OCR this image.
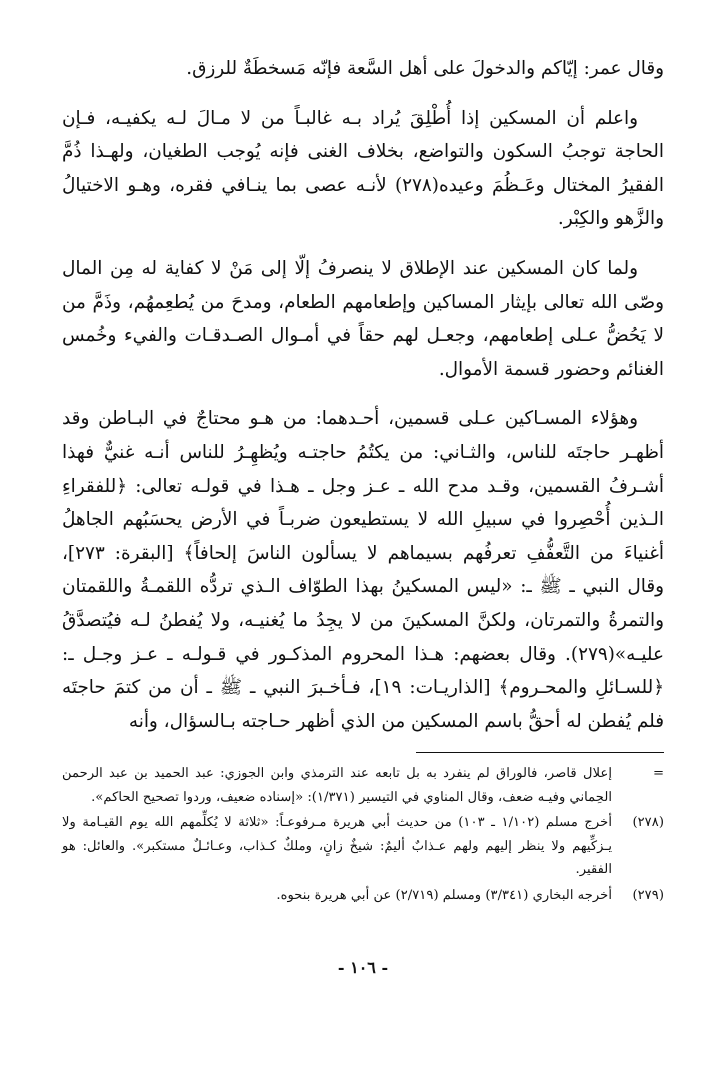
وقال عمر: إيّاكم والدخولَ على أهل السَّعة فإنّه مَسخطَةٌ للرزق.

واعلم أن المسكين إذا أُطْلِقَ يُراد بـه غالبـاً من لا مـالَ لـه يكفيـه، فـإن الحاجة توجبُ السكون والتواضع، بخلاف الغنى فإنه يُوجب الطغيان، ولهـذا ذُمَّ الفقيرُ المختال وعَـظُمَ وعيده(٢٧٨) لأنـه عصى بما ينـافي فقره، وهـو الاختيالُ والزَّهو والكِبْر.

ولما كان المسكين عند الإطلاق لا ينصرفُ إلّا إلى مَنْ لا كفاية له مِن المال وصّى الله تعالى بإيثار المساكين وإطعامهم الطعام، ومدحَ من يُطعِمهُم، وذَمَّ من لا يَحُضُّ عـلى إطعامهم، وجعـل لهم حقاً في أمـوال الصـدقـات والفيء وخُمس الغنائم وحضور قسمة الأموال.

وهؤلاء المسـاكين عـلى قسمين، أحـدهما: من هـو محتاجٌ في البـاطن وقد أظهـر حاجتَه للناس، والثـاني: من يكتُمُ حاجتـه ويُظهِـرُ للناس أنـه غنيٌّ فهذا أشـرفُ القسمين، وقـد مدح الله ـ عـز وجل ـ هـذا في قولـه تعالى: ﴿للفقراءِ الـذين أُحْصِروا في سبيلِ الله لا يستطيعون ضربـاً في الأرض يحسَبُهم الجاهلُ أغنياءَ من التَّعفُّفِ تعرفُهم بسيماهم لا يسألون الناسَ إلحافاً﴾ [البقرة: ٢٧٣]، وقال النبي ـ ﷺ ـ: «ليس المسكينُ بهذا الطوّاف الـذي تردُّه اللقمـةُ واللقمتان والتمرةُ والتمرتان، ولكنَّ المسكينَ من لا يجِدُ ما يُغنيـه، ولا يُفطنُ لـه فيُتصدَّقُ عليـه»(٢٧٩). وقال بعضهم: هـذا المحروم المذكـور في قـولـه ـ عـز وجـل ـ: ﴿للسـائلِ والمحـروم﴾ [الذاريـات: ١٩]، فـأخـبرَ النبي ـ ﷺ ـ أن من كتمَ حاجتَه فلم يُفطن له أحقُّ باسم المسكين من الذي أظهر حـاجته بـالسؤال، وأنه

=
إعلال قاصر، فالوراق لم ينفرد به بل تابعه عند الترمذي وابن الجوزي: عبد الحميد بن عبد الرحمن الحِماني وفيـه ضعف، وقال المناوي في التيسير (١/٣٧١): «إسناده ضعيف، وردوا تصحيح الحاكم».
(٢٧٨)
أخرج مسلم (١/١٠٢ ـ ١٠٣) من حديث أبي هريرة مـرفوعـاً: «ثلاثة لا يُكلِّمهم الله يوم القيـامة ولا يـزكِّيهم ولا ينظر إليهم ولهم عـذابٌ أليمٌ: شيخٌ زانٍ، وملكٌ كـذاب، وعـائـلٌ مستكبر». والعائل: هو الفقير.
(٢٧٩)
أخرجه البخاري (٣/٣٤١) ومسلم (٢/٧١٩) عن أبي هريرة بنحوه.
- ١٠٦ -
